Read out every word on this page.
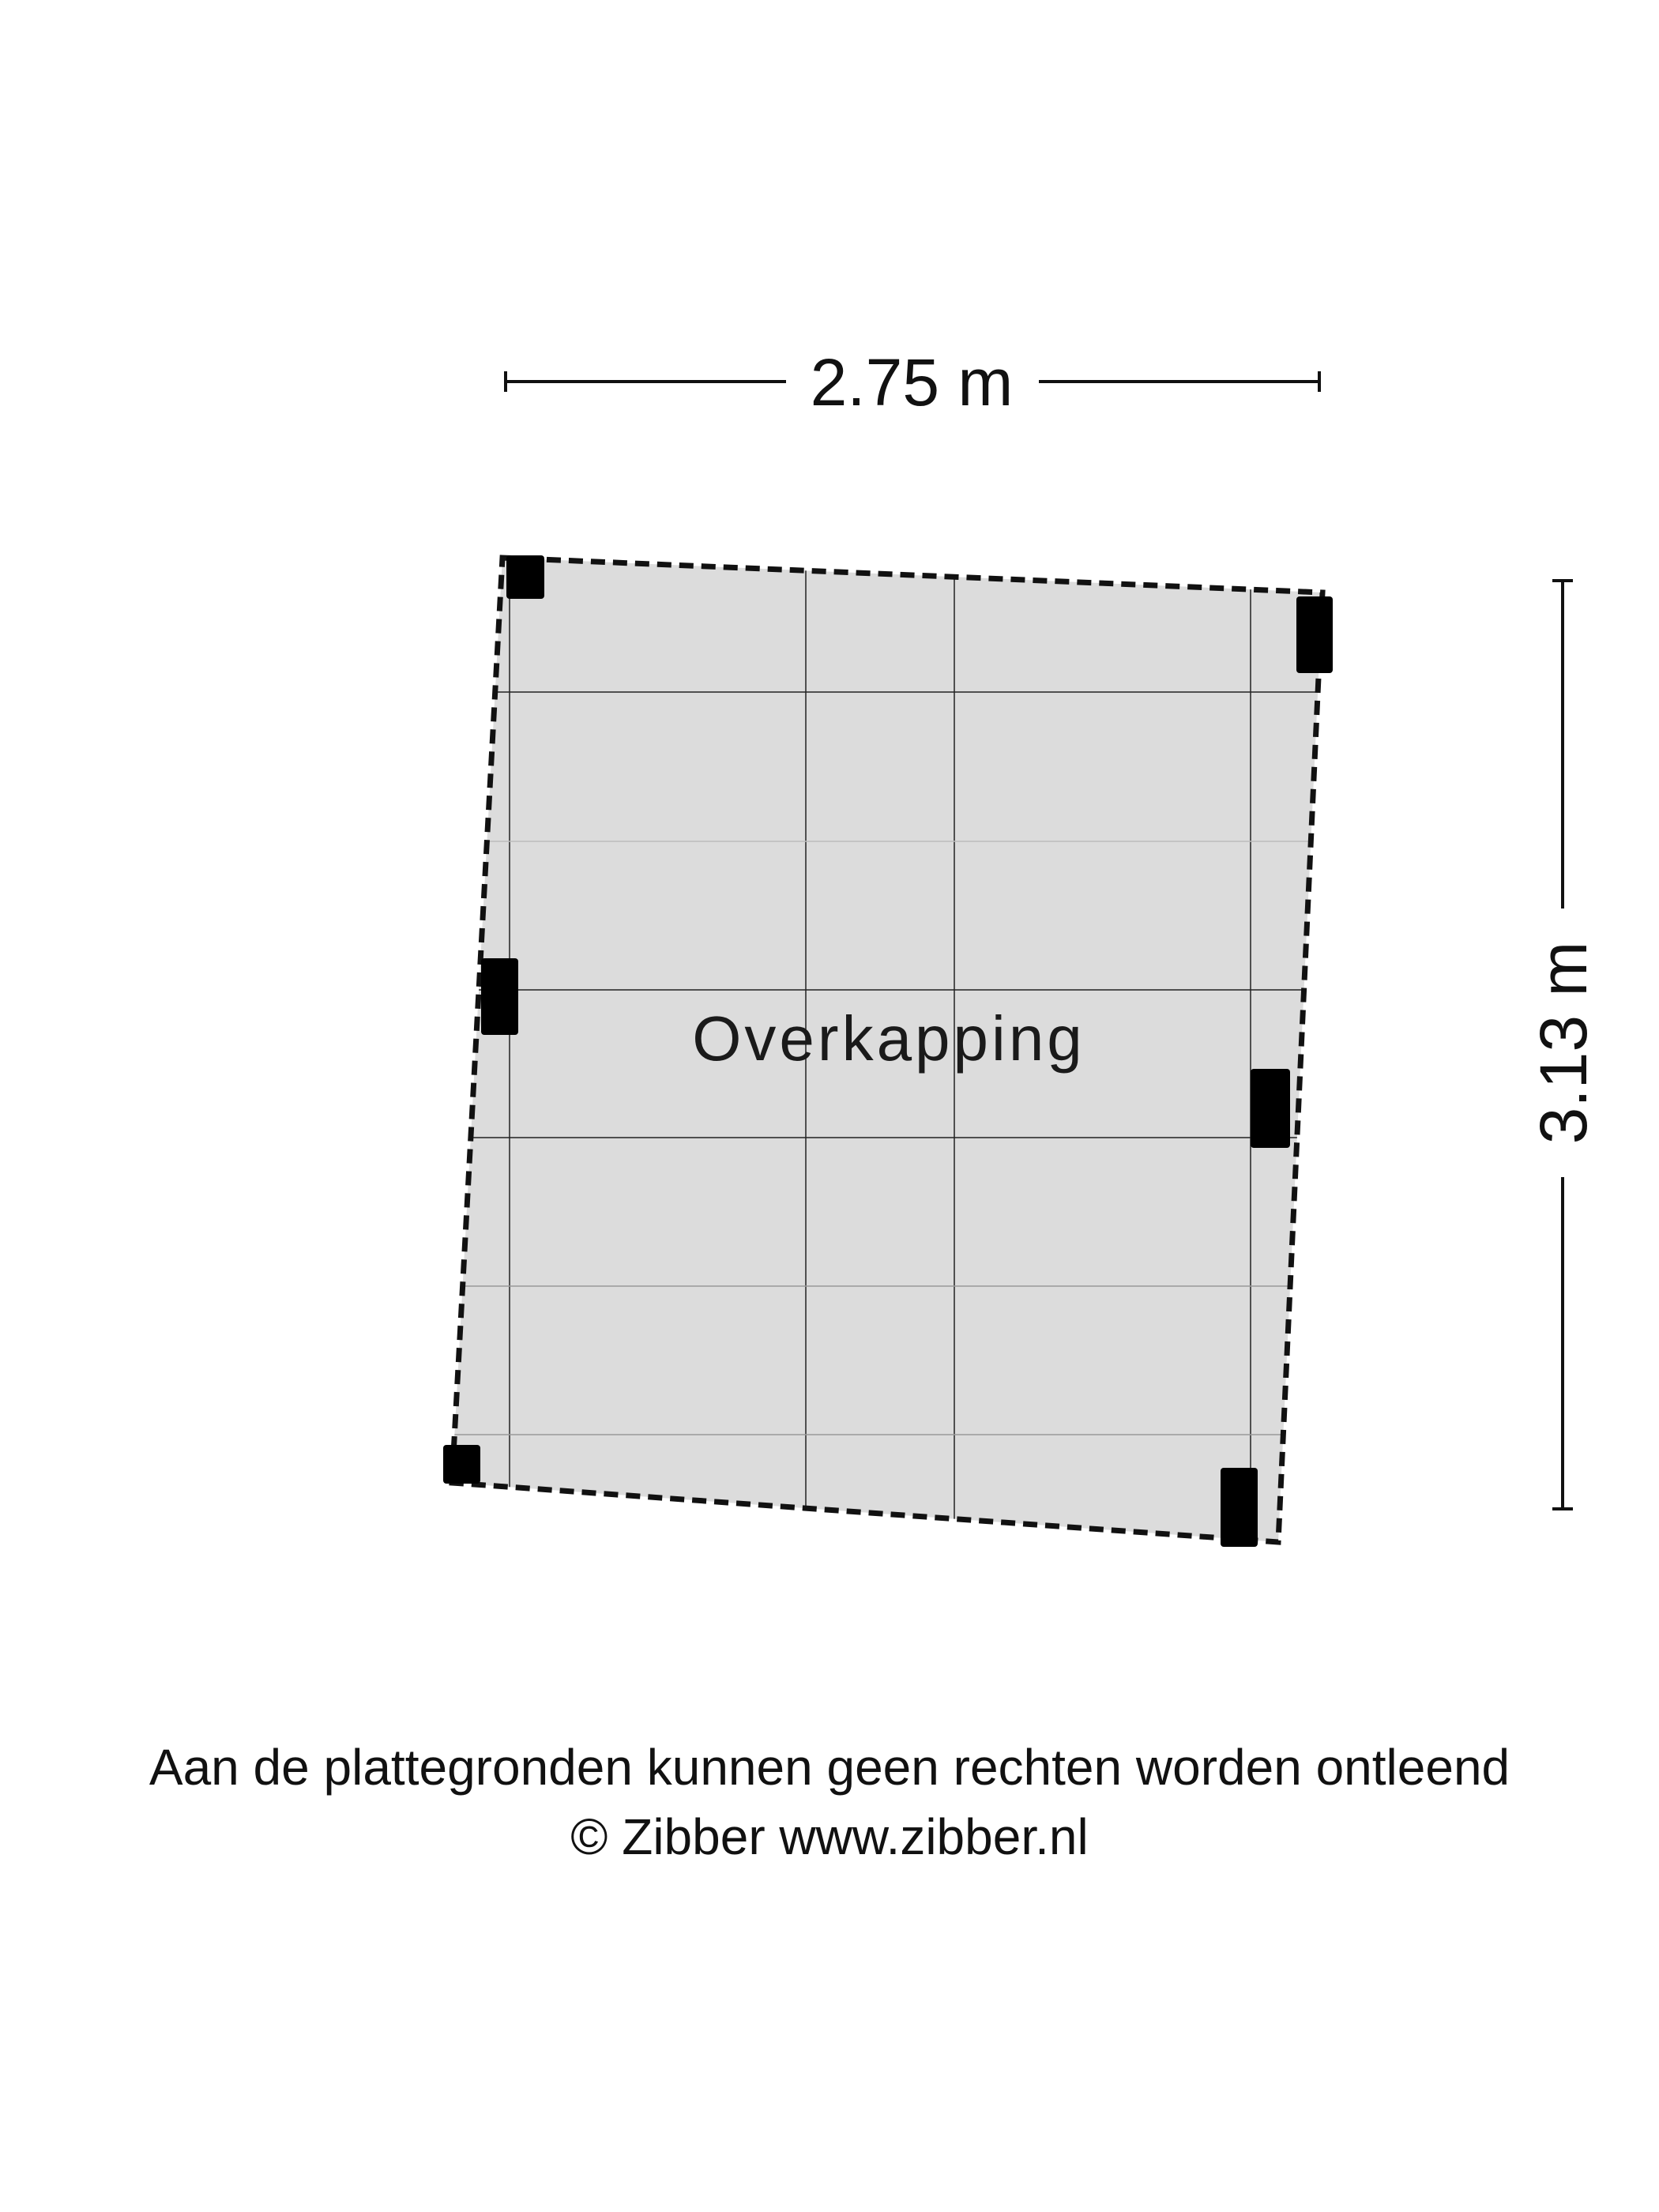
2.75 m
3.13 m
Overkapping
Aan de plattegronden kunnen geen rechten worden ontleend
© Zibber www.zibber.nl
